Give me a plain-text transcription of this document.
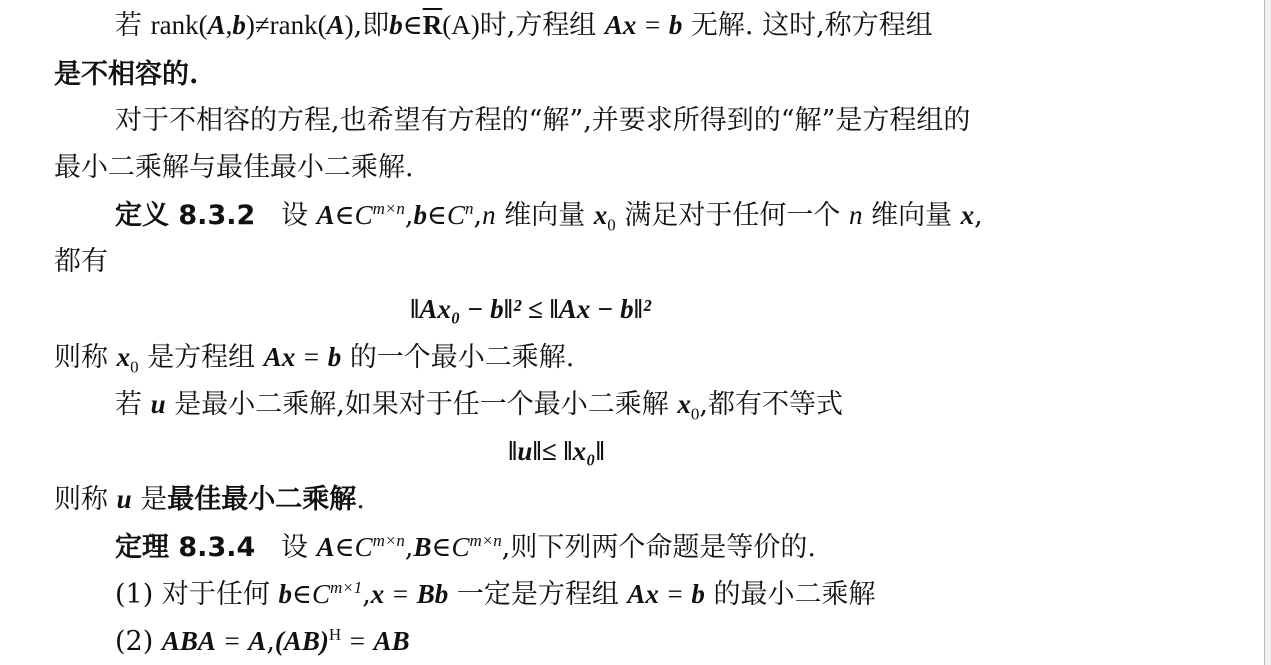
若 rank(A,b)≠rank(A),即$b\in\overline{R}(A)$时,方程组 Ax = b 无解. 这时,称方程组
是不相容的.
对于不相容的方程,也希望有方程的“解”,并要求所得到的“解”是方程组的
最小二乘解与最佳最小二乘解.
定义 8.3.2 设 $A\in C^{m\times n},b\in C^n,n$ 维向量 $x_0$ 满足对于任何一个 n 维向量 x,
都有
‖Ax₀ − b‖² ≤ ‖Ax − b‖²
则称 $x_0$ 是方程组 Ax = b 的一个最小二乘解.
若 u 是最小二乘解,如果对于任一个最小二乘解 $x_0$,都有不等式
‖u‖≤ ‖x₀‖
则称 u 是最佳最小二乘解.
定理 8.3.4 设 $A\in C^{m\times n},B\in C^{m\times n}$,则下列两个命题是等价的.
(1) 对于任何 $b\in C^{m\times 1},x = Bb$ 一定是方程组 Ax = b 的最小二乘解
(2) ABA = A,(AB)$^H$ = AB
